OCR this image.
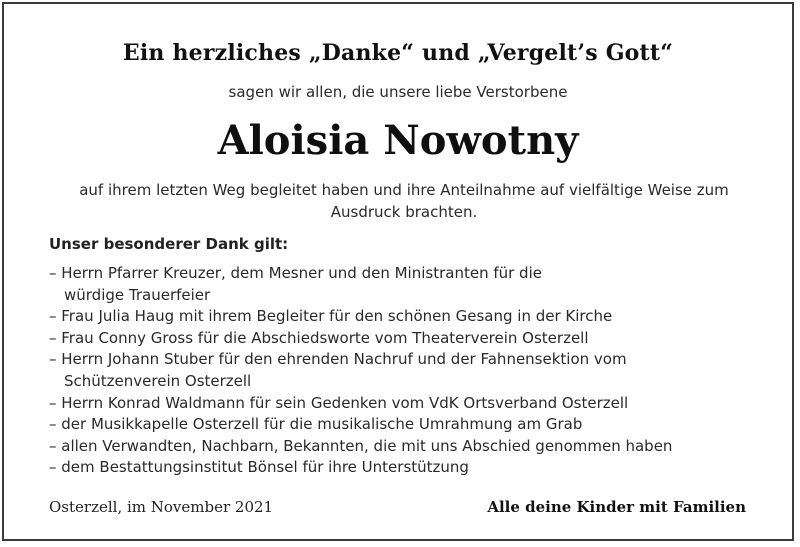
Ein herzliches „Danke“ und „Vergelt’s Gott“
sagen wir allen, die unsere liebe Verstorbene
Aloisia Nowotny
auf ihrem letzten Weg begleitet haben und ihre Anteilnahme auf vielfältige Weise zum Ausdruck brachten.
Unser besonderer Dank gilt:
– Herrn Pfarrer Kreuzer, dem Mesner und den Ministranten für die
würdige Trauerfeier
– Frau Julia Haug mit ihrem Begleiter für den schönen Gesang in der Kirche
– Frau Conny Gross für die Abschiedsworte vom Theaterverein Osterzell
– Herrn Johann Stuber für den ehrenden Nachruf und der Fahnensektion vom
Schützenverein Osterzell
– Herrn Konrad Waldmann für sein Gedenken vom VdK Ortsverband Osterzell
– der Musikkapelle Osterzell für die musikalische Umrahmung am Grab
– allen Verwandten, Nachbarn, Bekannten, die mit uns Abschied genommen haben
– dem Bestattungsinstitut Bönsel für ihre Unterstützung
Osterzell, im November 2021	Alle deine Kinder mit Familien
